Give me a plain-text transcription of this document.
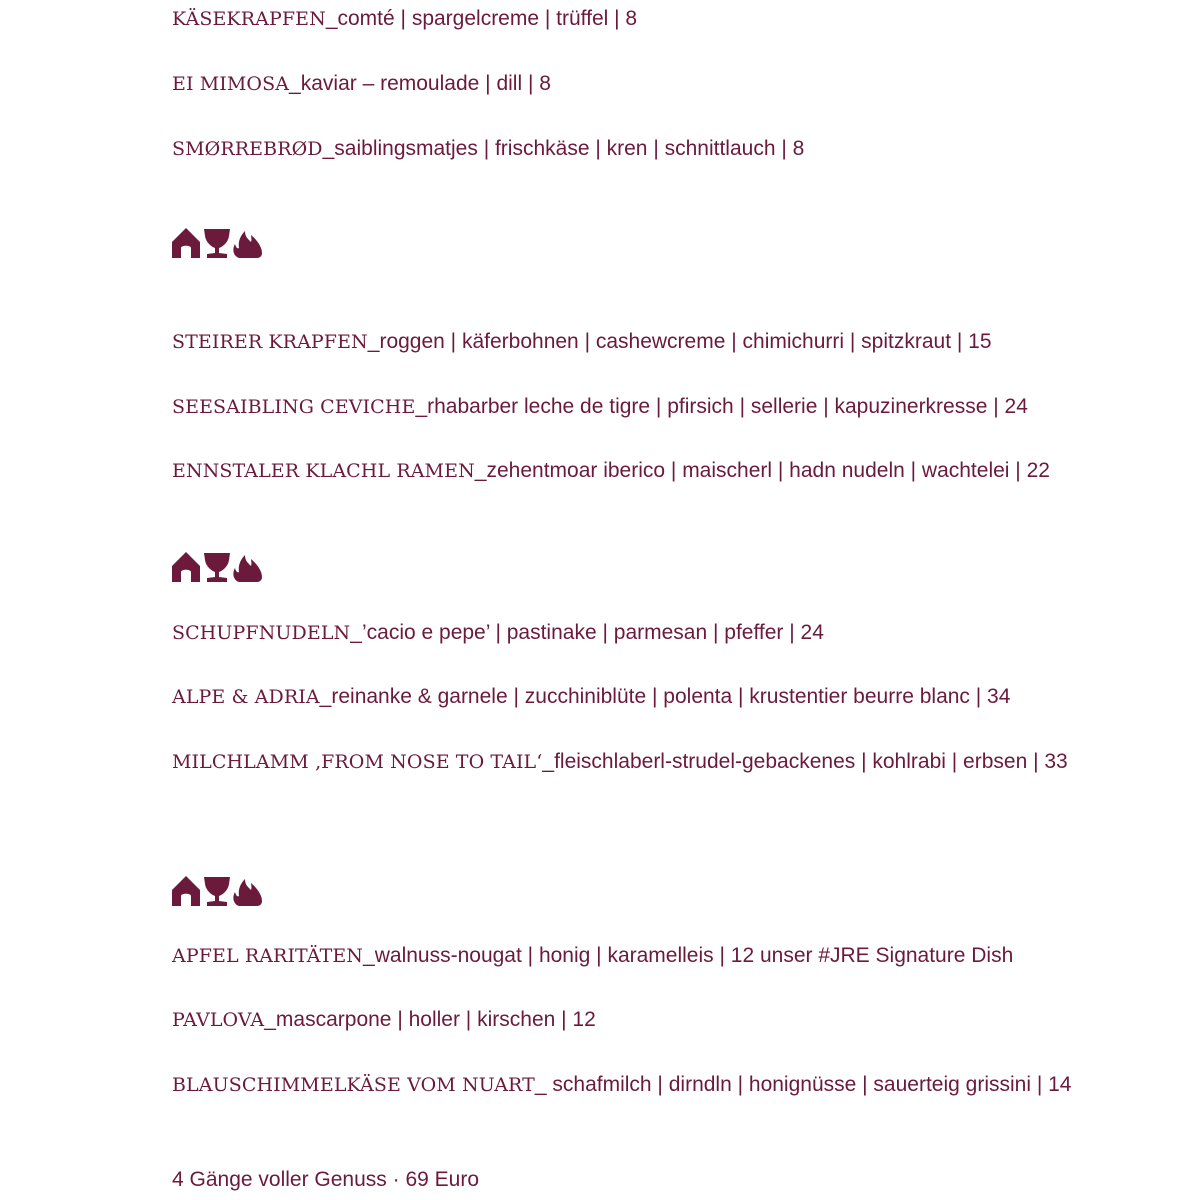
KÄSEKRAPFEN_comté | spargelcreme | trüffel | 8
EI MIMOSA_kaviar – remoulade | dill | 8
SMØRREBRØD_saiblingsmatjes | frischkäse | kren | schnittlauch | 8
STEIRER KRAPFEN_roggen | käferbohnen | cashewcreme | chimichurri | spitzkraut | 15
SEESAIBLING CEVICHE_rhabarber leche de tigre | pfirsich | sellerie | kapuzinerkresse | 24
ENNSTALER KLACHL RAMEN_zehentmoar iberico | maischerl | hadn nudeln | wachtelei | 22
SCHUPFNUDELN_’cacio e pepe’ | pastinake | parmesan | pfeffer | 24
ALPE & ADRIA_reinanke & garnele | zucchiniblüte | polenta | krustentier beurre blanc | 34
MILCHLAMM ‚FROM NOSE TO TAIL‘_fleischlaberl-strudel-gebackenes | kohlrabi | erbsen | 33
APFEL RARITÄTEN_walnuss-nougat | honig | karamelleis | 12 unser #JRE Signature Dish
PAVLOVA_mascarpone | holler | kirschen | 12
BLAUSCHIMMELKÄSE VOM NUART_ schafmilch | dirndln | honignüsse | sauerteig grissini | 14
4 Gänge voller Genuss · 69 Euro
